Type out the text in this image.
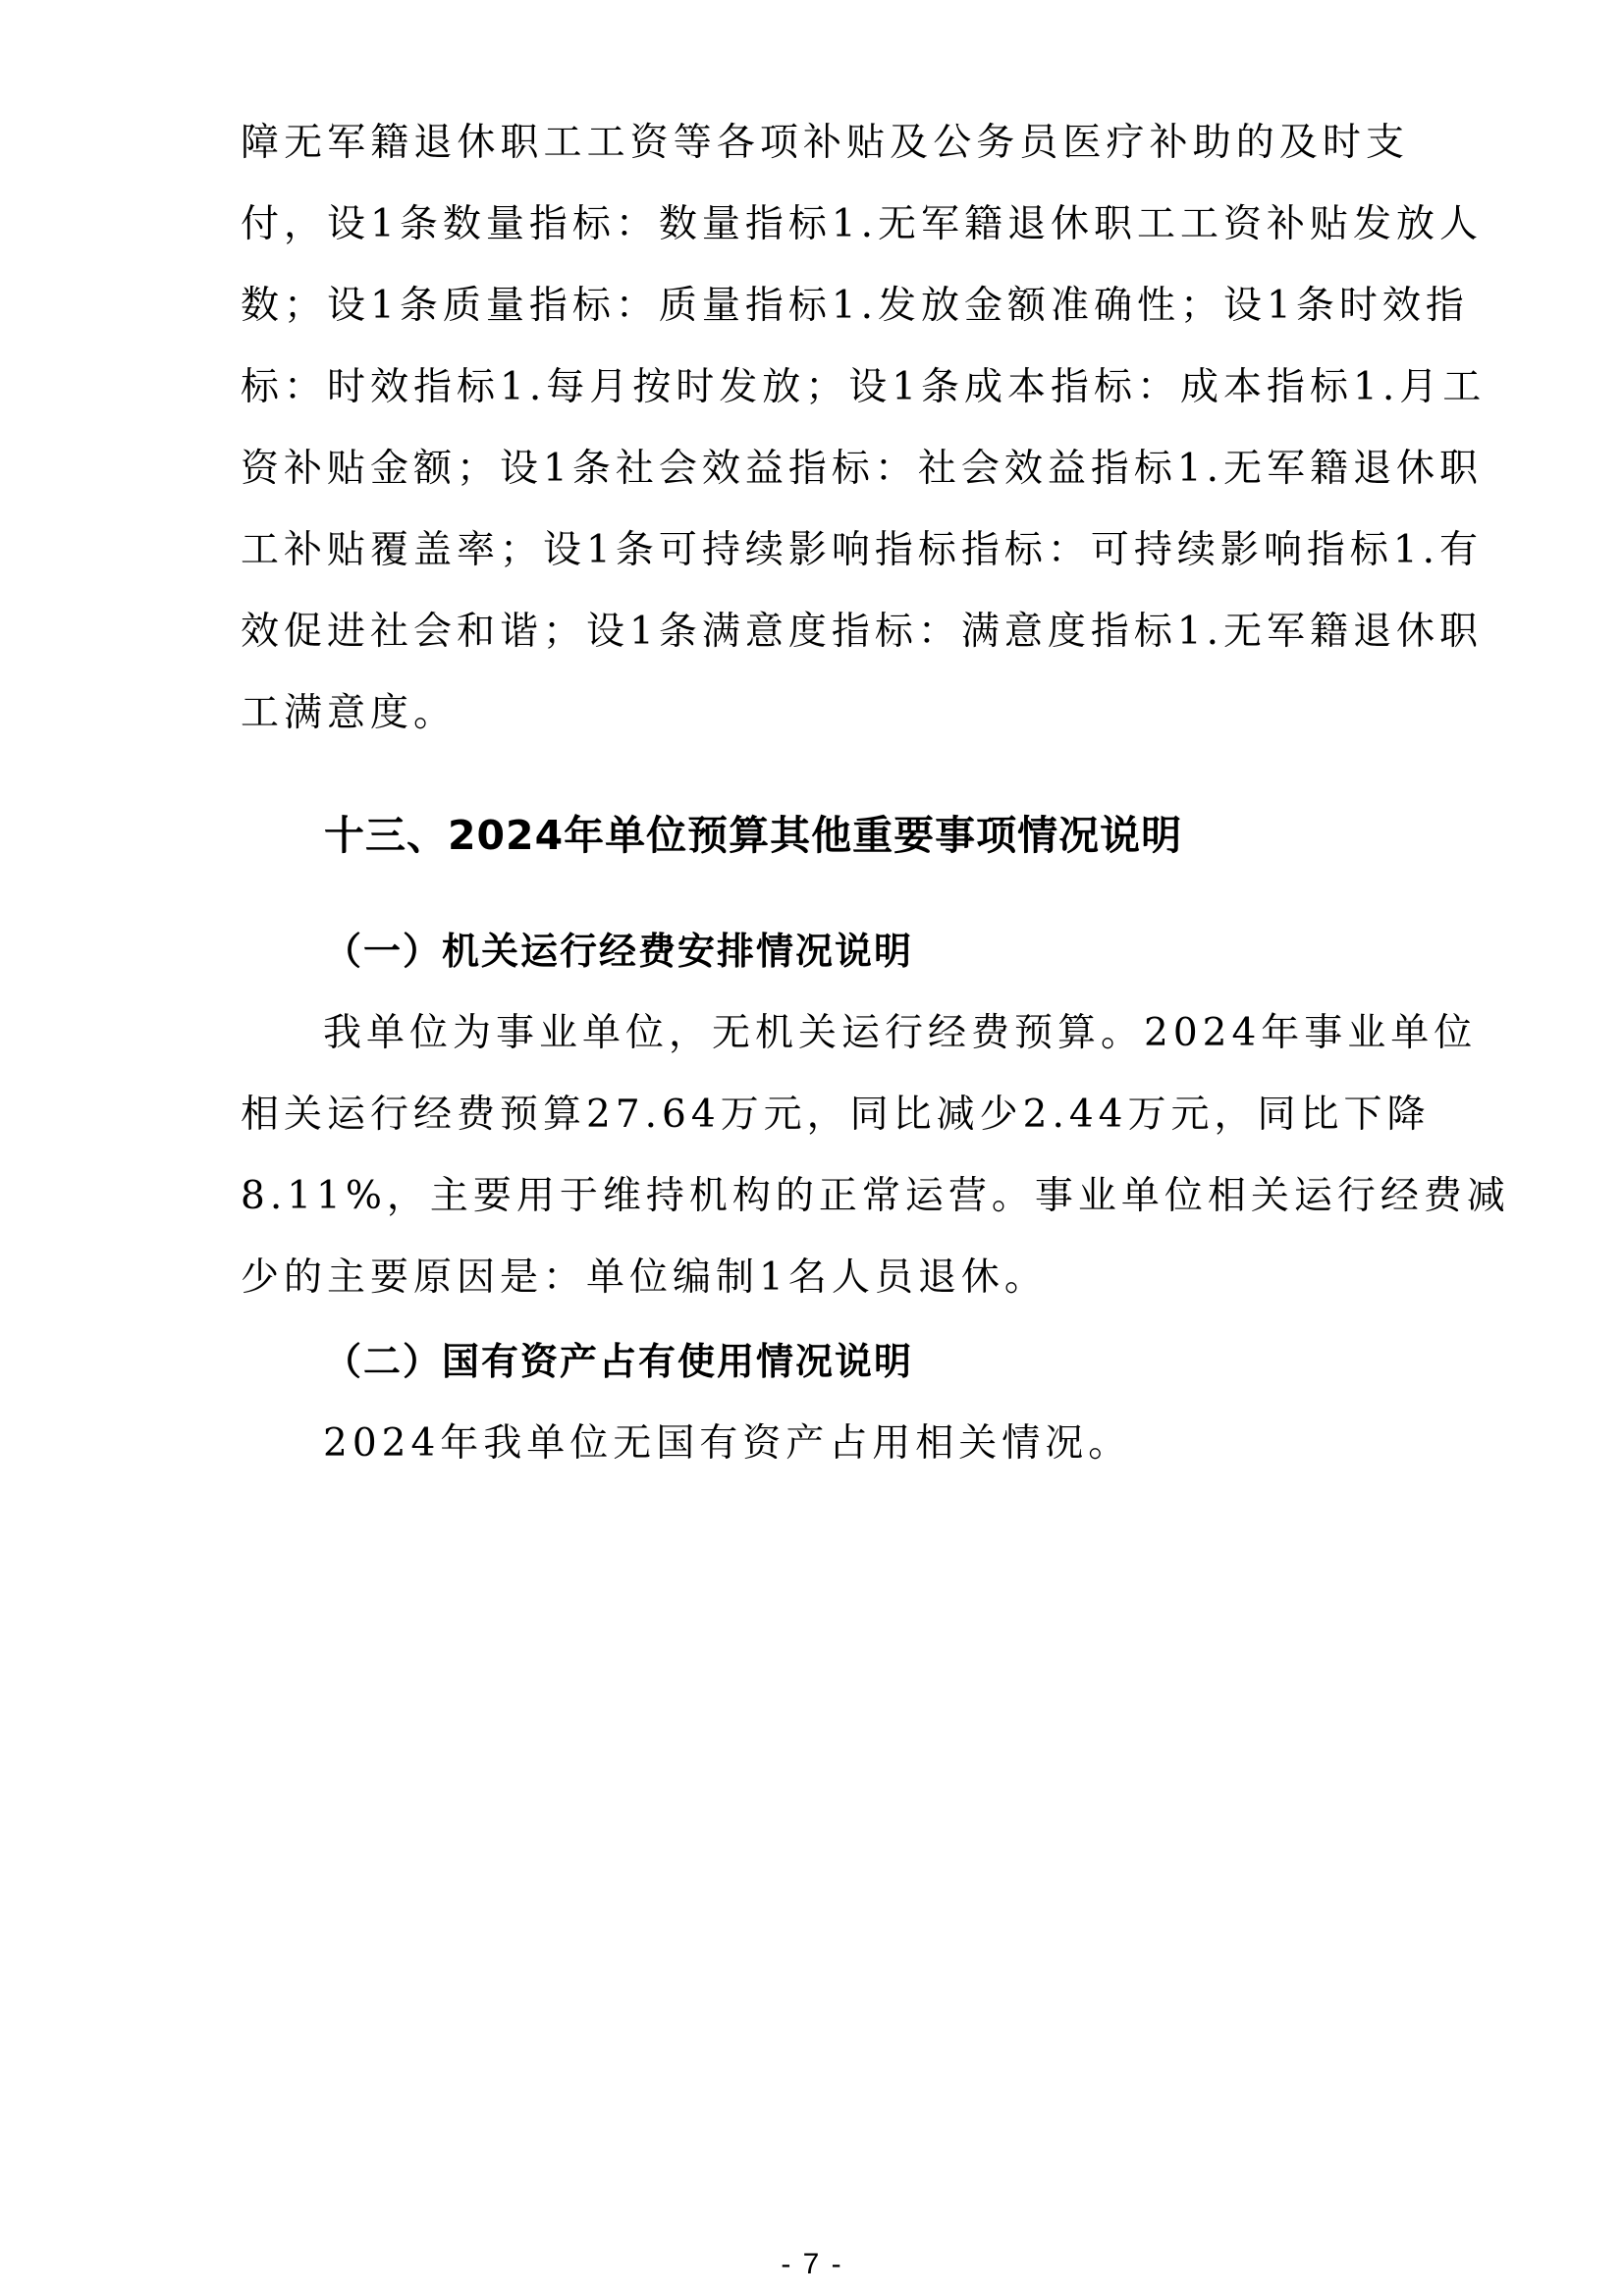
障无军籍退休职工工资等各项补贴及公务员医疗补助的及时支
付，设1条数量指标：数量指标1.无军籍退休职工工资补贴发放人
数；设1条质量指标：质量指标1.发放金额准确性；设1条时效指
标：时效指标1.每月按时发放；设1条成本指标：成本指标1.月工
资补贴金额；设1条社会效益指标：社会效益指标1.无军籍退休职
工补贴覆盖率；设1条可持续影响指标指标：可持续影响指标1.有
效促进社会和谐；设1条满意度指标：满意度指标1.无军籍退休职
工满意度。
十三、2024年单位预算其他重要事项情况说明
（一）机关运行经费安排情况说明
我单位为事业单位，无机关运行经费预算。2024年事业单位
相关运行经费预算27.64万元，同比减少2.44万元，同比下降
8.11%，主要用于维持机构的正常运营。事业单位相关运行经费减
少的主要原因是：单位编制1名人员退休。
（二）国有资产占有使用情况说明
2024年我单位无国有资产占用相关情况。
- 7 -
